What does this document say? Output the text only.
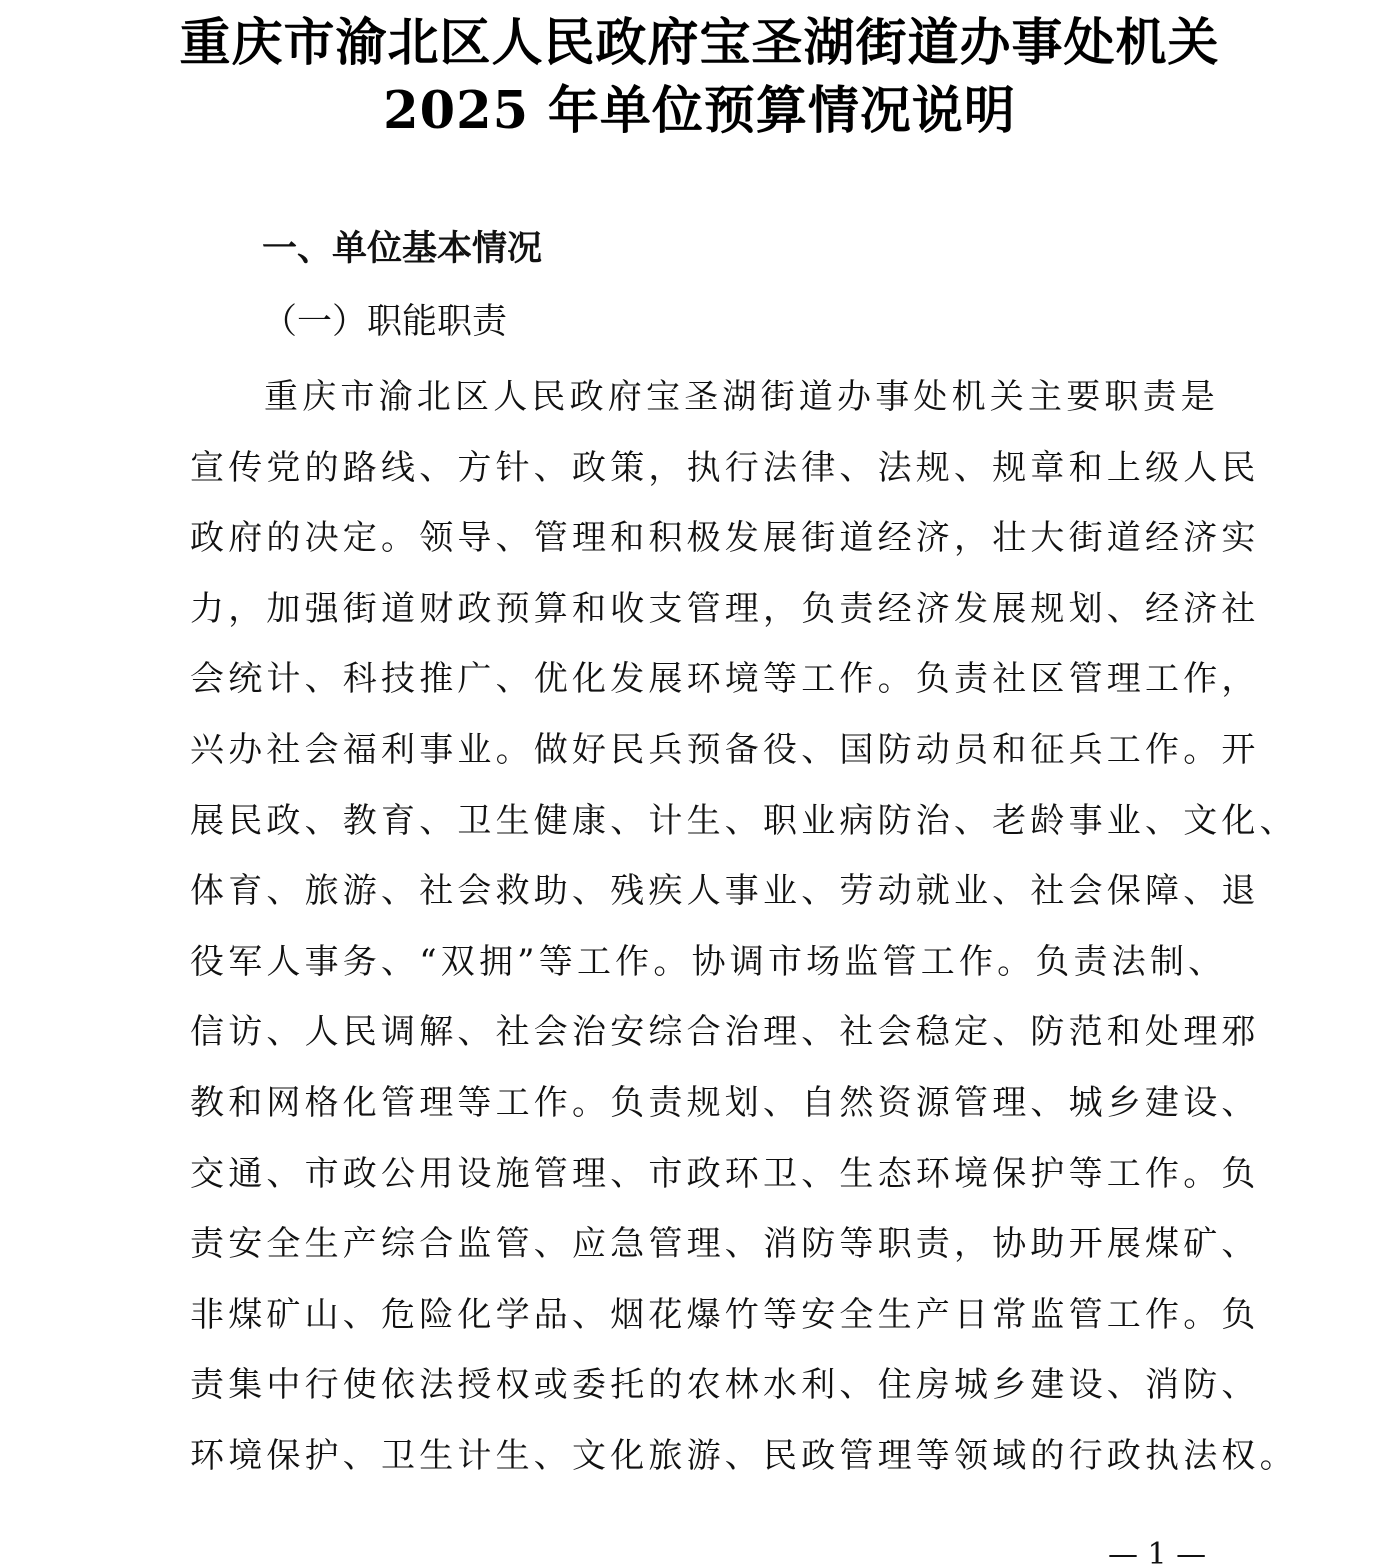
重庆市渝北区人民政府宝圣湖街道办事处机关
2025 年单位预算情况说明
一、单位基本情况
（一）职能职责
重庆市渝北区人民政府宝圣湖街道办事处机关主要职责是
宣传党的路线、方针、政策，执行法律、法规、规章和上级人民
政府的决定。领导、管理和积极发展街道经济，壮大街道经济实
力，加强街道财政预算和收支管理，负责经济发展规划、经济社
会统计、科技推广、优化发展环境等工作。负责社区管理工作，
兴办社会福利事业。做好民兵预备役、国防动员和征兵工作。开
展民政、教育、卫生健康、计生、职业病防治、老龄事业、文化、
体育、旅游、社会救助、残疾人事业、劳动就业、社会保障、退
役军人事务、“双拥”等工作。协调市场监管工作。负责法制、
信访、人民调解、社会治安综合治理、社会稳定、防范和处理邪
教和网格化管理等工作。负责规划、自然资源管理、城乡建设、
交通、市政公用设施管理、市政环卫、生态环境保护等工作。负
责安全生产综合监管、应急管理、消防等职责，协助开展煤矿、
非煤矿山、危险化学品、烟花爆竹等安全生产日常监管工作。负
责集中行使依法授权或委托的农林水利、住房城乡建设、消防、
环境保护、卫生计生、文化旅游、民政管理等领域的行政执法权。
— 1 —
